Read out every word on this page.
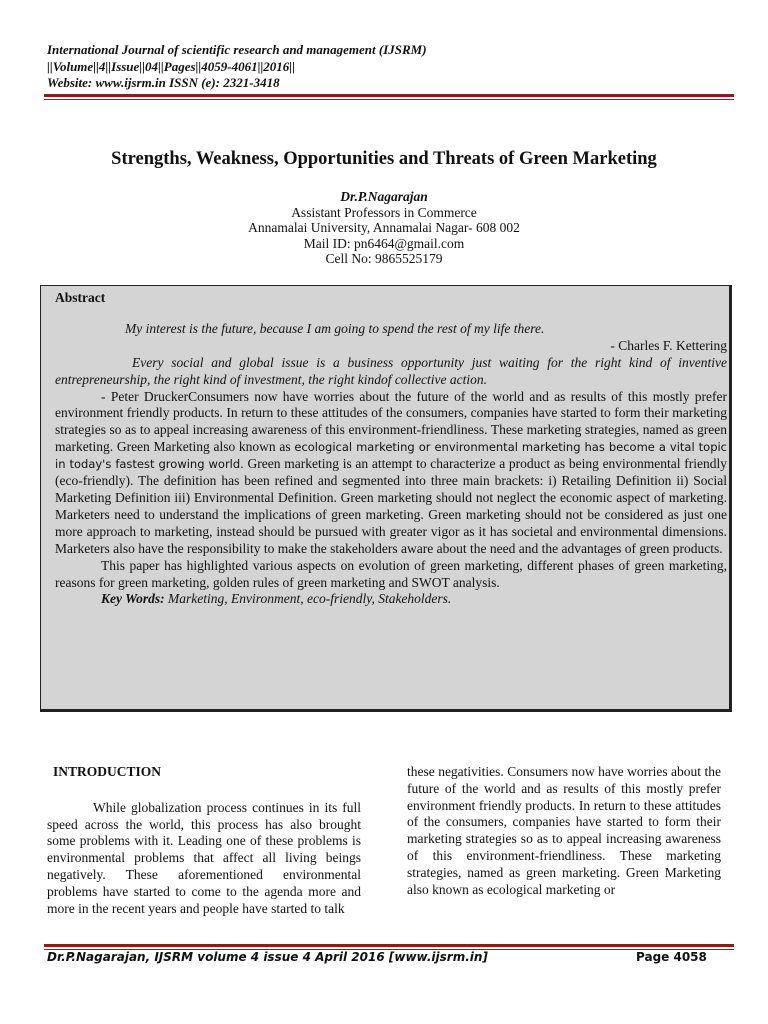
International Journal of scientific research and management (IJSRM)
||Volume||4||Issue||04||Pages||4059-4061||2016||
Website: www.ijsrm.in ISSN (e): 2321-3418
Strengths, Weakness, Opportunities and Threats of Green Marketing
Dr.P.Nagarajan
Assistant Professors in Commerce
Annamalai University, Annamalai Nagar- 608 002
Mail ID: pn6464@gmail.com
Cell No: 9865525179
Abstract
My interest is the future, because I am going to spend the rest of my life there.
- Charles F. Kettering
Every social and global issue is a business opportunity just waiting for the right kind of inventive entrepreneurship, the right kind of investment, the right kindof collective action.
- Peter DruckerConsumers now have worries about the future of the world and as results of this mostly prefer environment friendly products. In return to these attitudes of the consumers, companies have started to form their marketing strategies so as to appeal increasing awareness of this environment-friendliness. These marketing strategies, named as green marketing. Green Marketing also known as ecological marketing or environmental marketing has become a vital topic in today's fastest growing world. Green marketing is an attempt to characterize a product as being environmental friendly (eco-friendly). The definition has been refined and segmented into three main brackets: i) Retailing Definition ii) Social Marketing Definition iii) Environmental Definition. Green marketing should not neglect the economic aspect of marketing. Marketers need to understand the implications of green marketing. Green marketing should not be considered as just one more approach to marketing, instead should be pursued with greater vigor as it has societal and environmental dimensions. Marketers also have the responsibility to make the stakeholders aware about the need and the advantages of green products.
This paper has highlighted various aspects on evolution of green marketing, different phases of green marketing, reasons for green marketing, golden rules of green marketing and SWOT analysis.
Key Words: Marketing, Environment, eco-friendly, Stakeholders.
INTRODUCTION

While globalization process continues in its full speed across the world, this process has also brought some problems with it. Leading one of these problems is environmental problems that affect all living beings negatively. These aforementioned environmental problems have started to come to the agenda more and more in the recent years and people have started to talk

these negativities. Consumers now have worries about the future of the world and as results of this mostly prefer environment friendly products. In return to these attitudes of the consumers, companies have started to form their marketing strategies so as to appeal increasing awareness of this environment-friendliness. These marketing strategies, named as green marketing. Green Marketing also known as ecological marketing or
Dr.P.Nagarajan, IJSRM volume 4 issue 4 April 2016 [www.ijsrm.in]	Page 4058
